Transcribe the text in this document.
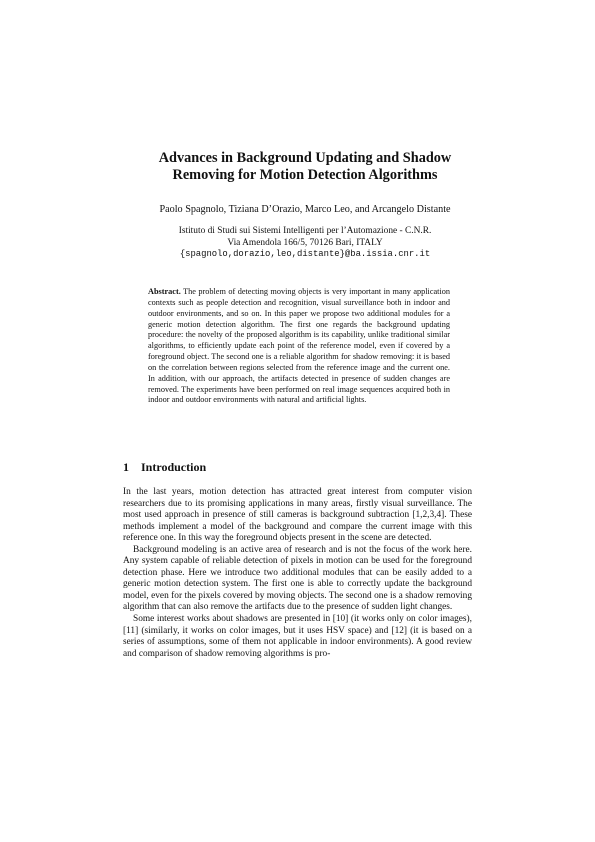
Advances in Background Updating and Shadow
Removing for Motion Detection Algorithms

Paolo Spagnolo, Tiziana D’Orazio, Marco Leo, and Arcangelo Distante

Istituto di Studi sui Sistemi Intelligenti per l’Automazione - C.N.R.
Via Amendola 166/5, 70126 Bari, ITALY
{spagnolo,dorazio,leo,distante}@ba.issia.cnr.it

Abstract. The problem of detecting moving objects is very important in many application contexts such as people detection and recognition, visual surveillance both in indoor and outdoor environments, and so on. In this paper we propose two additional modules for a generic motion detection algorithm. The first one regards the background updating procedure: the novelty of the proposed algorithm is its capability, unlike traditional similar algorithms, to efficiently update each point of the reference model, even if covered by a foreground object. The second one is a reliable algorithm for shadow removing: it is based on the correlation between regions selected from the reference image and the current one. In addition, with our approach, the artifacts detected in presence of sudden changes are removed. The experiments have been performed on real image sequences acquired both in indoor and outdoor environments with natural and artificial lights.

1 Introduction

In the last years, motion detection has attracted great interest from computer vision researchers due to its promising applications in many areas, firstly visual surveillance. The most used approach in presence of still cameras is background subtraction [1,2,3,4]. These methods implement a model of the background and compare the current image with this reference one. In this way the foreground objects present in the scene are detected.

Background modeling is an active area of research and is not the focus of the work here. Any system capable of reliable detection of pixels in motion can be used for the foreground detection phase. Here we introduce two additional modules that can be easily added to a generic motion detection system. The first one is able to correctly update the background model, even for the pixels covered by moving objects. The second one is a shadow removing algorithm that can also remove the artifacts due to the presence of sudden light changes.

Some interest works about shadows are presented in [10] (it works only on color images), [11] (similarly, it works on color images, but it uses HSV space) and [12] (it is based on a series of assumptions, some of them not applicable in indoor environments). A good review and comparison of shadow removing algorithms is pro-
